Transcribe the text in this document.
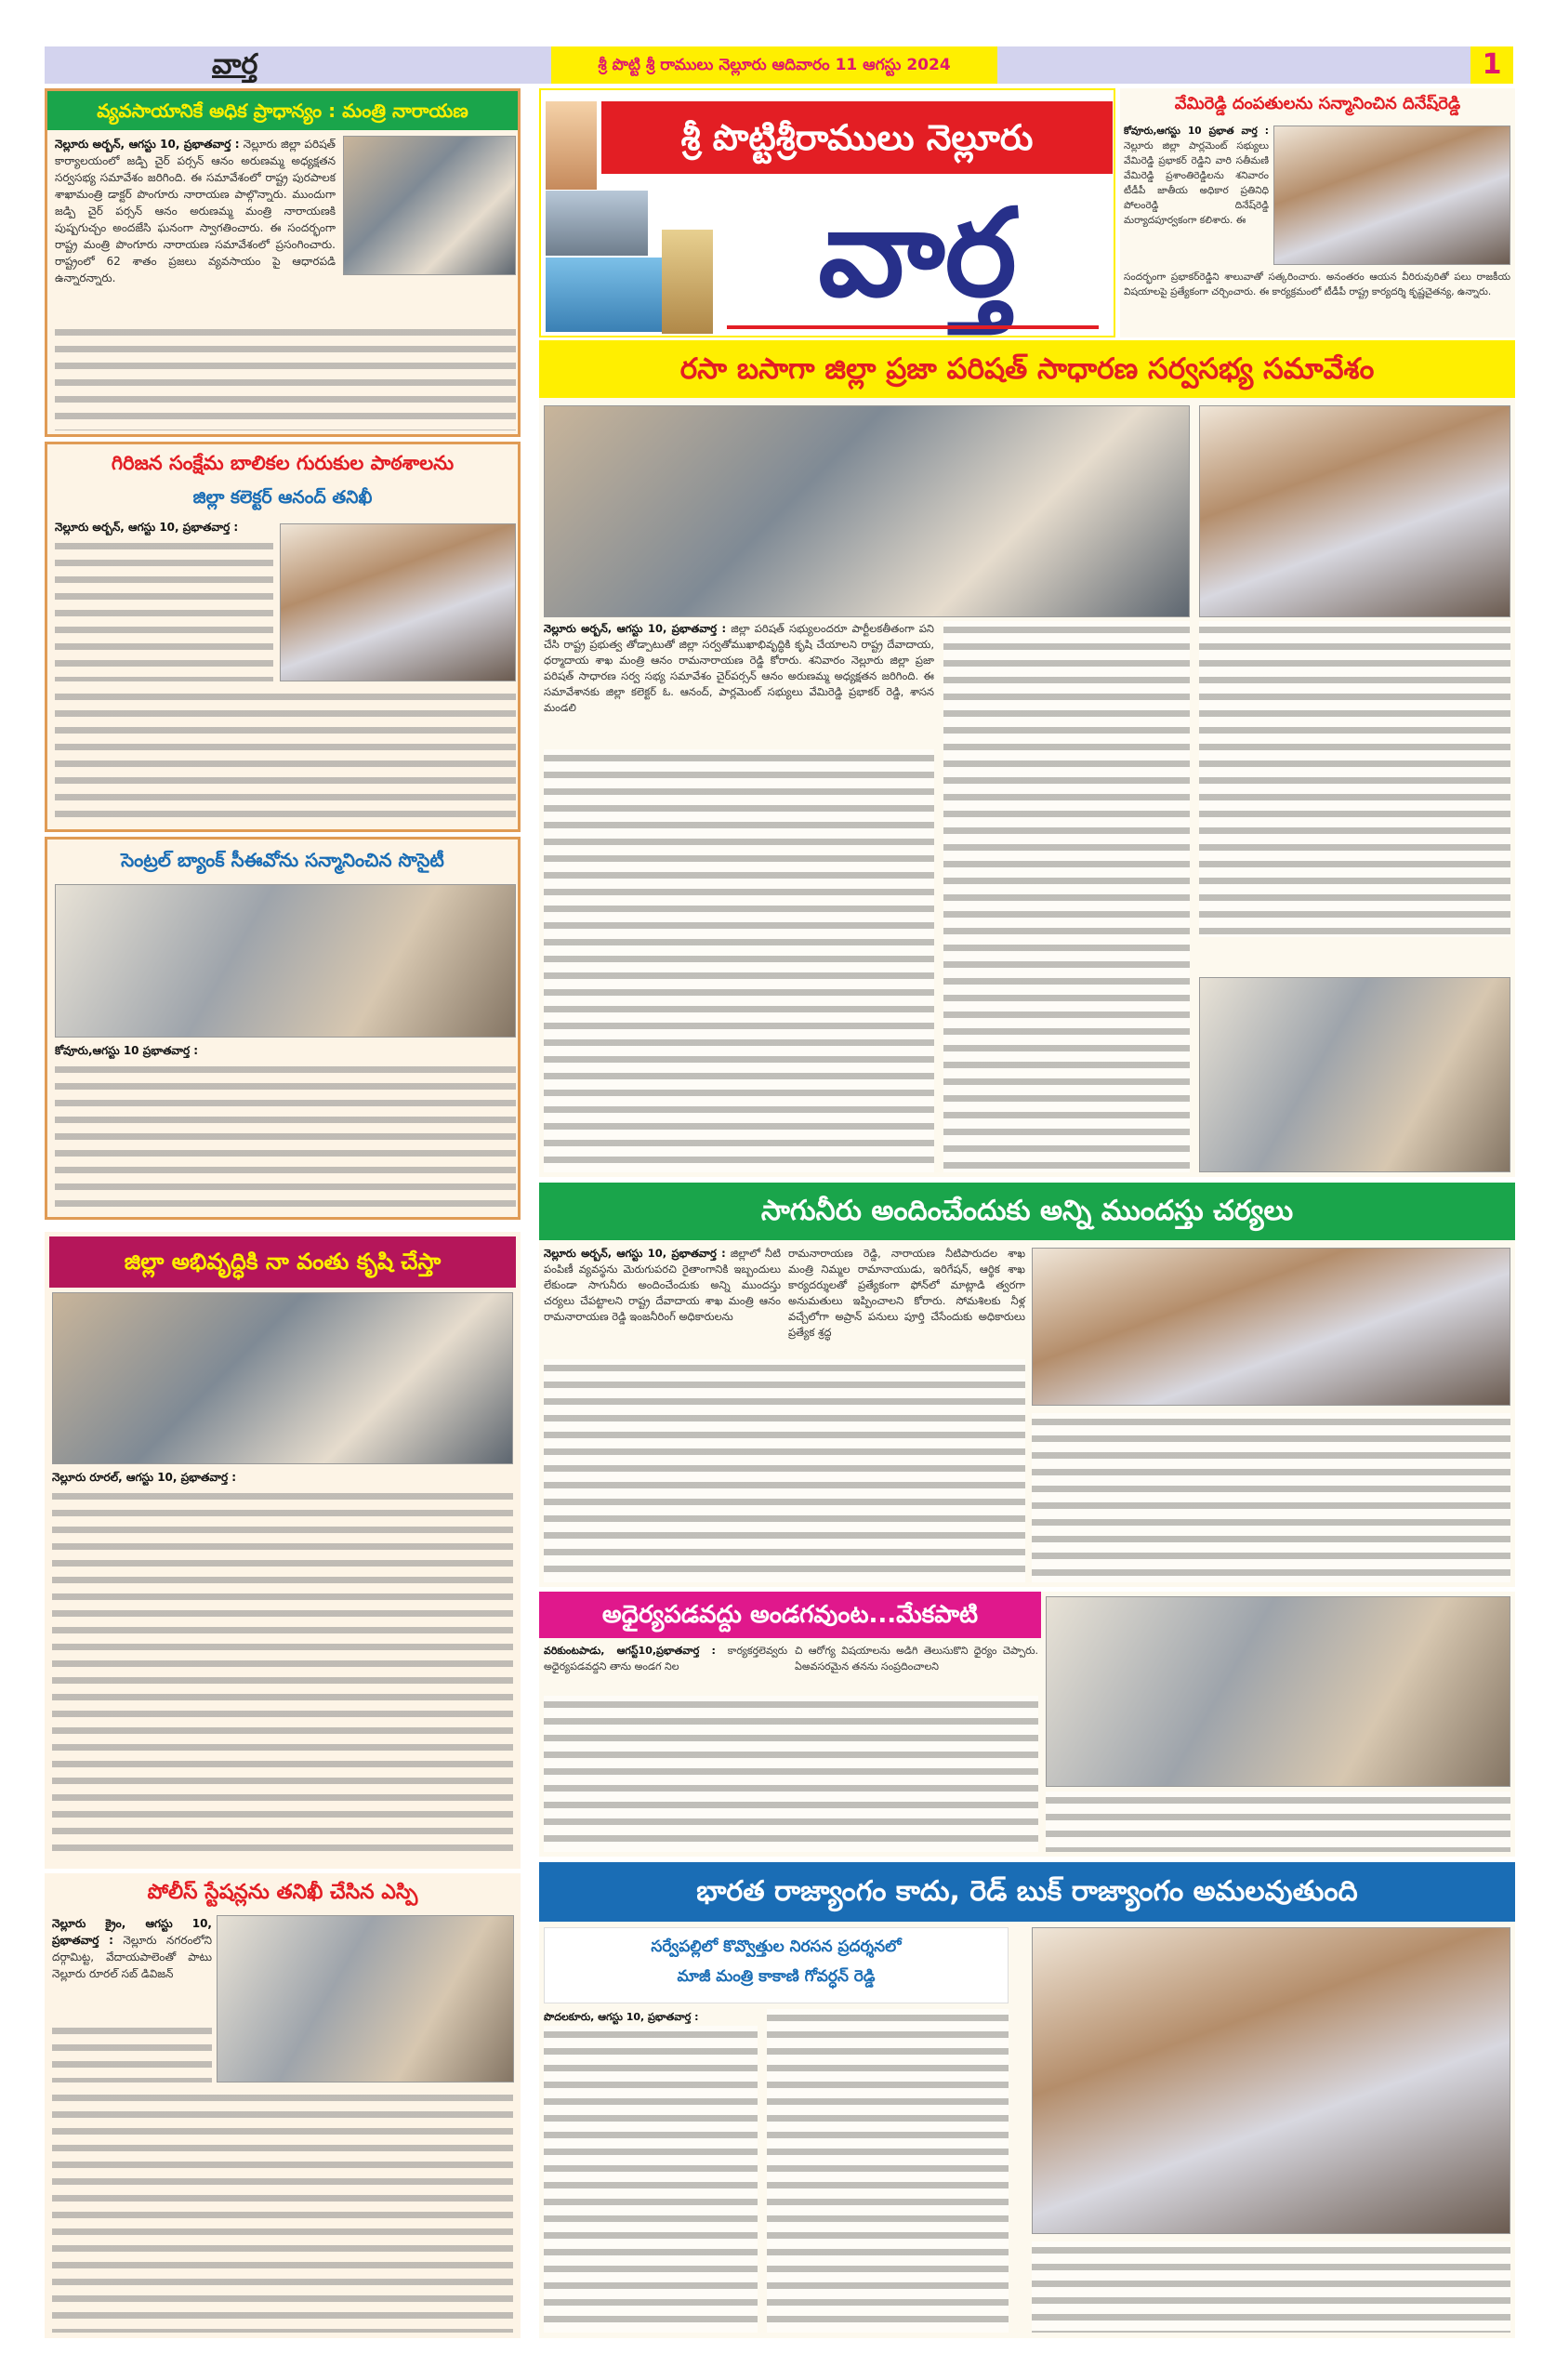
వార్త	శ్రీ పొట్టి శ్రీ రాములు నెల్లూరు ఆదివారం 11 ఆగస్టు 2024	1
వ్యవసాయానికే అధిక ప్రాధాన్యం : మంత్రి నారాయణ
నెల్లూరు అర్బన్, ఆగస్టు 10, ప్రభాతవార్త : నెల్లూరు జిల్లా పరిషత్ కార్యాలయంలో జడ్పి చైర్ పర్సన్ ఆనం అరుణమ్మ అధ్యక్షతన సర్వసభ్య సమావేశం జరిగింది. ఈ సమావేశంలో రాష్ట్ర పురపాలక శాఖామంత్రి డాక్టర్ పొంగూరు నారాయణ పాల్గొన్నారు. ముందుగా జడ్పి చైర్ పర్సన్ ఆనం అరుణమ్మ మంత్రి నారాయణకి పుష్పగుచ్చం అందజేసి ఘనంగా స్వాగతించారు. ఈ సందర్భంగా రాష్ట్ర మంత్రి పొంగూరు నారాయణ సమావేశంలో ప్రసంగించారు. రాష్ట్రంలో 62 శాతం ప్రజలు వ్యవసాయం పై ఆధారపడి ఉన్నారన్నారు.
గిరిజన సంక్షేమ బాలికల గురుకుల పాఠశాలను
జిల్లా కలెక్టర్ ఆనంద్ తనిఖీ
నెల్లూరు అర్బన్, ఆగస్టు 10, ప్రభాతవార్త :
సెంట్రల్ బ్యాంక్ సీఈవోను సన్మానించిన సొసైటీ
కోవూరు,ఆగస్టు 10 ప్రభాతవార్త :
జిల్లా అభివృద్ధికి నా వంతు కృషి చేస్తా
నెల్లూరు రూరల్, ఆగస్టు 10, ప్రభాతవార్త :
పోలీస్ స్టేషన్లను తనిఖీ చేసిన ఎస్పి
నెల్లూరు క్రైం, ఆగస్టు 10, ప్రభాతవార్త : నెల్లూరు నగరంలోని దర్గామిట్ట, వేదాయపాలెంతో పాటు నెల్లూరు రూరల్ సబ్ డివిజన్
శ్రీ పొట్టిశ్రీరాములు నెల్లూరు
వార్త
వేమిరెడ్డి దంపతులను సన్మానించిన దినేష్‌రెడ్డి
కోవూరు,ఆగస్టు 10 ప్రభాత వార్త : నెల్లూరు జిల్లా పార్లమెంట్ సభ్యులు వేమిరెడ్డి ప్రభాకర్ రెడ్డిని వారి సతీమణి వేమిరెడ్డి ప్రశాంతిరెడ్డిలను శనివారం టీడీపీ జాతీయ అధికార ప్రతినిధి పోలంరెడ్డి దినేష్‌రెడ్డి మర్యాదపూర్వకంగా కలిశారు. ఈ
సందర్భంగా ప్రభాకర్‌రెడ్డిని శాలువాతో సత్కరించారు. అనంతరం ఆయన వీరిరువురితో పలు రాజకీయ విషయాలపై ప్రత్యేకంగా చర్చించారు. ఈ కార్యక్రమంలో టీడీపీ రాష్ట్ర కార్యదర్శి కృష్ణచైతన్య, ఉన్నారు.
రసా బసాగా జిల్లా ప్రజా పరిషత్ సాధారణ సర్వసభ్య సమావేశం
నెల్లూరు అర్బన్, ఆగస్టు 10, ప్రభాతవార్త : జిల్లా పరిషత్ సభ్యులందరూ పార్టీలకతీతంగా పని చేసి రాష్ట్ర ప్రభుత్వ తోడ్పాటుతో జిల్లా సర్వతోముఖాభివృద్ధికి కృషి చేయాలని రాష్ట్ర దేవాదాయ, ధర్మాదాయ శాఖ మంత్రి ఆనం రామనారాయణ రెడ్డి కోరారు. శనివారం నెల్లూరు జిల్లా ప్రజా పరిషత్ సాధారణ సర్వ సభ్య సమావేశం చైర్‌పర్సన్ ఆనం అరుణమ్మ అధ్యక్షతన జరిగింది. ఈ సమావేశానకు జిల్లా కలెక్టర్ ఓ. ఆనంద్, పార్లమెంట్ సభ్యులు వేమిరెడ్డి ప్రభాకర్ రెడ్డి, శాసన మండలి
సాగునీరు అందించేందుకు అన్ని ముందస్తు చర్యలు
నెల్లూరు అర్బన్, ఆగస్టు 10, ప్రభాతవార్త : జిల్లాలో నీటి పంపిణీ వ్యవస్థను మెరుగుపరచి రైతాంగానికి ఇబ్బందులు లేకుండా సాగునీరు అందించేందుకు అన్ని ముందస్తు చర్యలు చేపట్టాలని రాష్ట్ర దేవాదాయ శాఖ మంత్రి ఆనం రామనారాయణ రెడ్డి ఇంజనీరింగ్ అధికారులను
రామనారాయణ రెడ్డి, నారాయణ నీటిపారుదల శాఖ మంత్రి నిమ్మల రామానాయుడు, ఇరిగేషన్, ఆర్థిక శాఖ కార్యదర్శులతో ప్రత్యేకంగా ఫోన్‌లో మాట్లాడి త్వరగా అనుమతులు ఇప్పించాలని కోరారు. సోమశిలకు నీళ్ల వచ్చేలోగా అప్రాన్ పనులు పూర్తి చేసేందుకు అధికారులు ప్రత్యేక శ్రద్ధ
అధైర్యపడవద్దు అండగవుంట...మేకపాటి
వరికుంటపాడు, ఆగస్ట్10,ప్రభాతవార్త : కార్యకర్తలెవ్వరు అధైర్యపడవద్దని తాను అండగ నిల
చి ఆరోగ్య విషయాలను అడిగి తెలుసుకొని ధైర్యం చెప్పారు. ఏఅవసరమైన తనను సంప్రదించాలని
భారత రాజ్యాంగం కాదు, రెడ్ బుక్ రాజ్యాంగం అమలవుతుంది
సర్వేపల్లిలో కొవ్వొత్తుల నిరసన ప్రదర్శనలో
మాజీ మంత్రి కాకాణి గోవర్ధన్ రెడ్డి
పొదలకూరు, ఆగస్టు 10, ప్రభాతవార్త :
